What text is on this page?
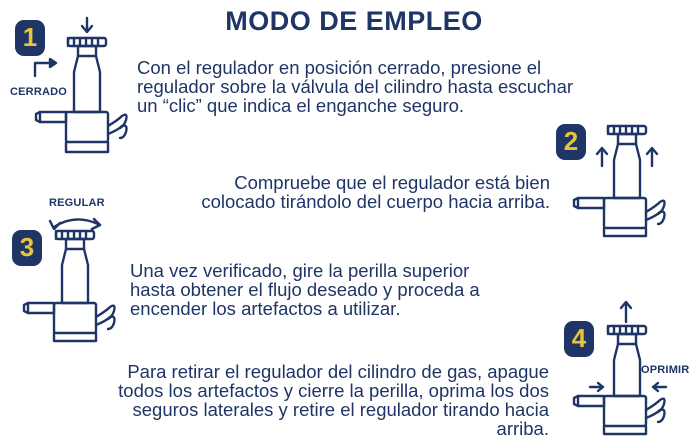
MODO DE EMPLEO
1
CERRADO
Con el regulador en posición cerrado, presione el
regulador sobre la válvula del cilindro hasta escuchar
un “clic” que indica el enganche seguro.
2
Compruebe que el regulador está bien
colocado tirándolo del cuerpo hacia arriba.
3
REGULAR
Una vez verificado, gire la perilla superior
hasta obtener el flujo deseado y proceda a
encender los artefactos a utilizar.
4
OPRIMIR
Para retirar el regulador del cilindro de gas, apague
todos los artefactos y cierre la perilla, oprima los dos
seguros laterales y retire el regulador tirando hacia
arriba.
